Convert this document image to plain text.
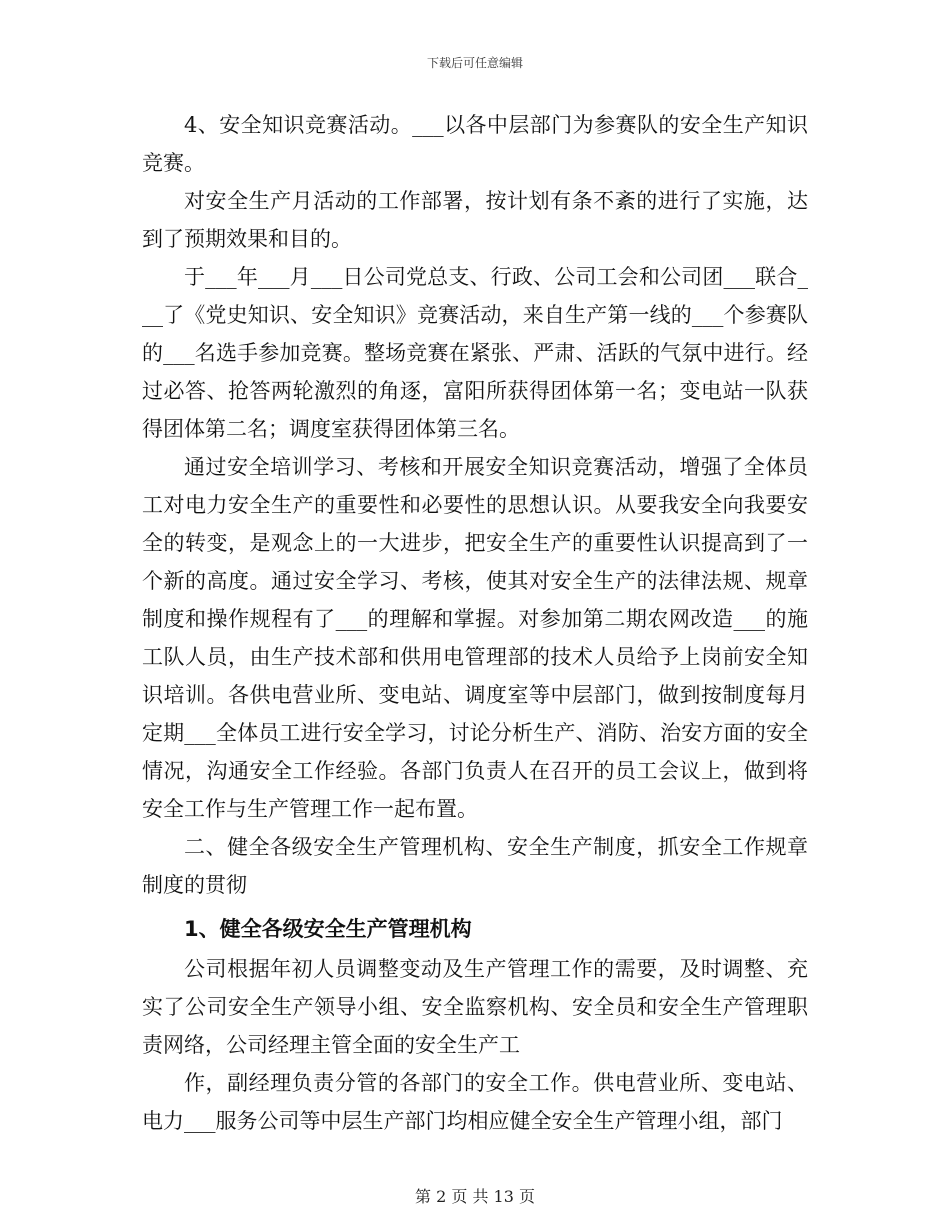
下载后可任意编辑

4、安全知识竞赛活动。___以各中层部门为参赛队的安全生产知识竞赛。

对安全生产月活动的工作部署，按计划有条不紊的进行了实施，达到了预期效果和目的。

于___年___月___日公司党总支、行政、公司工会和公司团___联合___了《党史知识、安全知识》竞赛活动，来自生产第一线的___个参赛队的___名选手参加竞赛。整场竞赛在紧张、严肃、活跃的气氛中进行。经过必答、抢答两轮激烈的角逐，富阳所获得团体第一名；变电站一队获得团体第二名；调度室获得团体第三名。

通过安全培训学习、考核和开展安全知识竞赛活动，增强了全体员工对电力安全生产的重要性和必要性的思想认识。从要我安全向我要安全的转变，是观念上的一大进步，把安全生产的重要性认识提高到了一个新的高度。通过安全学习、考核，使其对安全生产的法律法规、规章制度和操作规程有了___的理解和掌握。对参加第二期农网改造___的施工队人员，由生产技术部和供用电管理部的技术人员给予上岗前安全知识培训。各供电营业所、变电站、调度室等中层部门，做到按制度每月定期___全体员工进行安全学习，讨论分析生产、消防、治安方面的安全情况，沟通安全工作经验。各部门负责人在召开的员工会议上，做到将安全工作与生产管理工作一起布置。

二、健全各级安全生产管理机构、安全生产制度，抓安全工作规章制度的贯彻

1、健全各级安全生产管理机构

公司根据年初人员调整变动及生产管理工作的需要，及时调整、充实了公司安全生产领导小组、安全监察机构、安全员和安全生产管理职责网络，公司经理主管全面的安全生产工

作，副经理负责分管的各部门的安全工作。供电营业所、变电站、电力___服务公司等中层生产部门均相应健全安全生产管理小组，部门

第 2 页 共 13 页
